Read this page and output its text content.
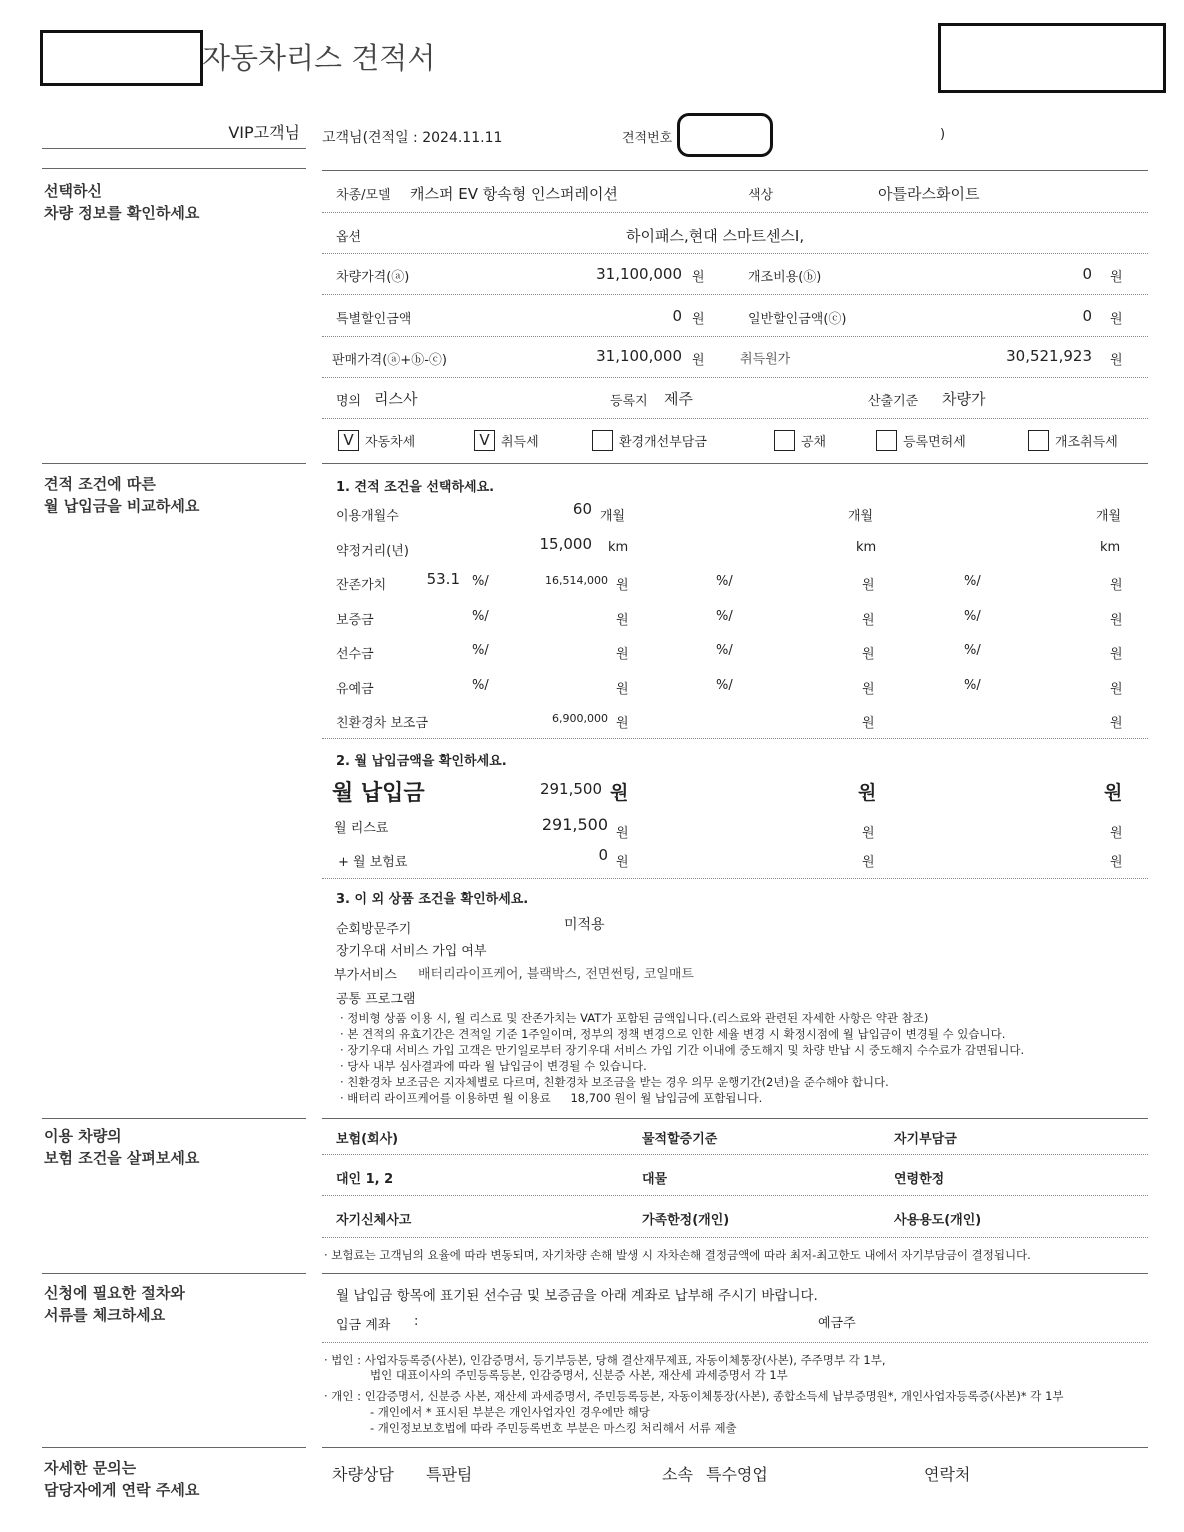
자동차리스 견적서
VIP고객님 고객님(견적일 : 2024.11.11	견적번호	)
선택하신
차량 정보를 확인하세요
견적 조건에 따른
월 납입금을 비교하세요
이용 차량의
보험 조건을 살펴보세요
신청에 필요한 절차와
서류를 체크하세요
자세한 문의는
담당자에게 연락 주세요
차종/모델 캐스퍼 EV 항속형 인스퍼레이션	색상	아틀라스화이트
옵션	하이패스,현대 스마트센스I,
차량가격(ⓐ)	31,100,000 원	개조비용(ⓑ)	0 원
특별할인금액	0 원	일반할인금액(ⓒ)	0 원
판매가격(ⓐ+ⓑ-ⓒ)	31,100,000 원	취득원가	30,521,923 원
명의 리스사	등록지 제주	산출기준 차량가
V 자동차세	V 취득세	환경개선부담금	공채	등록면허세	개조취득세
1. 견적 조건을 선택하세요.
이용개월수	60 개월	개월	개월
약정거리(년)	15,000 km	km	km
잔존가치	53.1 %/	16,514,000 원	%/	원	%/	원
보증금	%/	원	%/	원	%/	원
선수금	%/	원	%/	원	%/	원
유예금	%/	원	%/	원	%/	원
친환경차 보조금	6,900,000 원	원	원
2. 월 납입금액을 확인하세요.
월 납입금	291,500 원	원	원
월 리스료	291,500 원	원	원
+ 월 보험료	0 원	원	원
3. 이 외 상품 조건을 확인하세요.
순회방문주기	미적용
장기우대 서비스 가입 여부
부가서비스 배터리라이프케어, 블랙박스, 전면썬팅, 코일매트
공통 프로그램
· 정비형 상품 이용 시, 월 리스료 및 잔존가치는 VAT가 포함된 금액입니다.(리스료와 관련된 자세한 사항은 약관 참조)
· 본 견적의 유효기간은 견적일 기준 1주일이며, 정부의 정책 변경으로 인한 세율 변경 시 확정시점에 월 납입금이 변경될 수 있습니다.
· 장기우대 서비스 가입 고객은 만기일로부터 장기우대 서비스 가입 기간 이내에 중도해지 및 차량 반납 시 중도해지 수수료가 감면됩니다.
· 당사 내부 심사결과에 따라 월 납입금이 변경될 수 있습니다.
· 친환경차 보조금은 지자체별로 다르며, 친환경차 보조금을 받는 경우 의무 운행기간(2년)을 준수해야 합니다.
· 배터리 라이프케어를 이용하면 월 이용료 18,700 원이 월 납입금에 포함됩니다.
보험(회사)	물적할증기준	자기부담금
대인 1, 2	대물	연령한정
자기신체사고	가족한정(개인)	사용용도(개인)
· 보험료는 고객님의 요율에 따라 변동되며, 자기차량 손해 발생 시 자차손해 결정금액에 따라 최저-최고한도 내에서 자기부담금이 결정됩니다.
월 납입금 항목에 표기된 선수금 및 보증금을 아래 계좌로 납부해 주시기 바랍니다.
입금 계좌 :	예금주
· 법인 : 사업자등록증(사본), 인감증명서, 등기부등본, 당해 결산재무제표, 자동이체통장(사본), 주주명부 각 1부,
법인 대표이사의 주민등록등본, 인감증명서, 신분증 사본, 재산세 과세증명서 각 1부
· 개인 : 인감증명서, 신분증 사본, 재산세 과세증명서, 주민등록등본, 자동이체통장(사본), 종합소득세 납부증명원*, 개인사업자등록증(사본)* 각 1부
- 개인에서 * 표시된 부분은 개인사업자인 경우에만 해당
- 개인정보보호법에 따라 주민등록번호 부분은 마스킹 처리해서 서류 제출
차량상담 특판팀	소속 특수영업	연락처
